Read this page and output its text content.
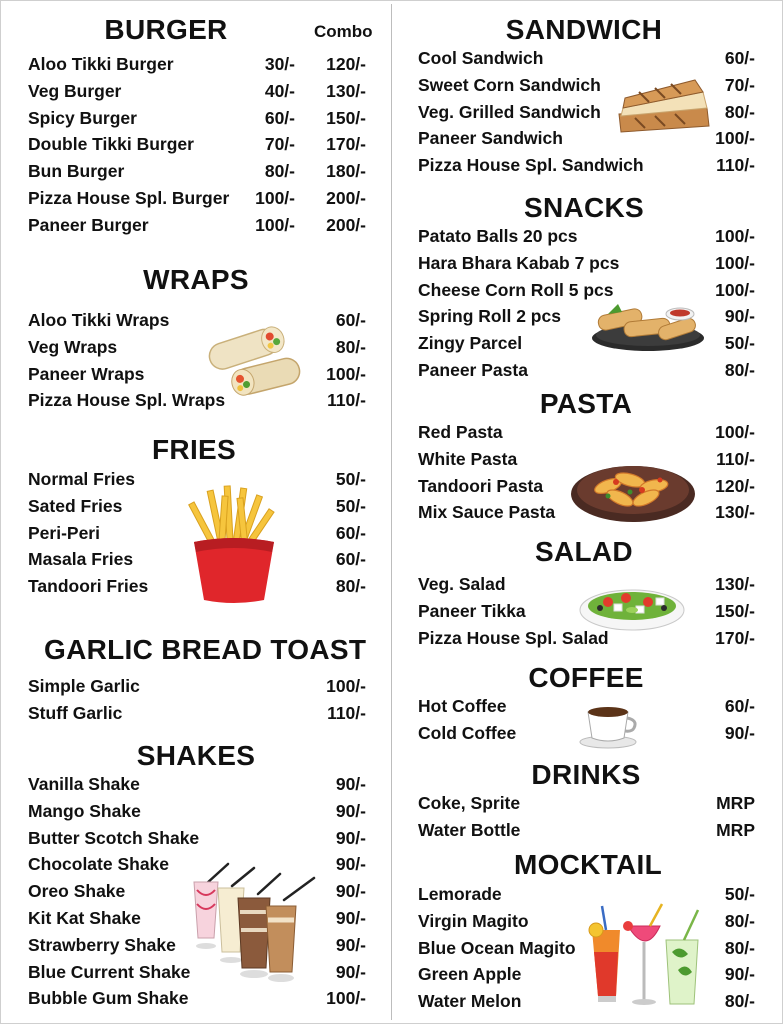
BURGER	Combo
Aloo Tikki Burger	30/- 120/-
Veg Burger	40/- 130/-
Spicy Burger	60/- 150/-
Double Tikki Burger	70/- 170/-
Bun Burger	80/- 180/-
Pizza House Spl. Burger 100/- 200/-
Paneer Burger	100/- 200/-
WRAPS
Aloo Tikki Wraps	60/-
Veg Wraps	80/-
Paneer Wraps	100/-
Pizza House Spl. Wraps	110/-
FRIES
Normal Fries	50/-
Sated Fries	50/-
Peri-Peri	60/-
Masala Fries	60/-
Tandoori Fries	80/-
GARLIC BREAD TOAST
Simple Garlic	100/-
Stuff Garlic	110/-
SHAKES
Vanilla Shake	90/-
Mango Shake	90/-
Butter Scotch Shake	90/-
Chocolate Shake	90/-
Oreo Shake	90/-
Kit Kat Shake	90/-
Strawberry Shake	90/-
Blue Current Shake	90/-
Bubble Gum Shake	100/-
SANDWICH
Cool Sandwich	60/-
Sweet Corn Sandwich	70/-
Veg. Grilled Sandwich	80/-
Paneer Sandwich	100/-
Pizza House Spl. Sandwich	110/-
SNACKS
Patato Balls 20 pcs	100/-
Hara Bhara Kabab 7 pcs	100/-
Cheese Corn Roll 5 pcs	100/-
Spring Roll 2 pcs	90/-
Zingy Parcel	50/-
Paneer Pasta	80/-
PASTA
Red Pasta	100/-
White Pasta	110/-
Tandoori Pasta	120/-
Mix Sauce Pasta	130/-
SALAD
Veg. Salad	130/-
Paneer Tikka	150/-
Pizza House Spl. Salad	170/-
COFFEE
Hot Coffee	60/-
Cold Coffee	90/-
DRINKS
Coke, Sprite	MRP
Water Bottle	MRP
MOCKTAIL
Lemorade	50/-
Virgin Magito	80/-
Blue Ocean Magito	80/-
Green Apple	90/-
Water Melon	80/-
